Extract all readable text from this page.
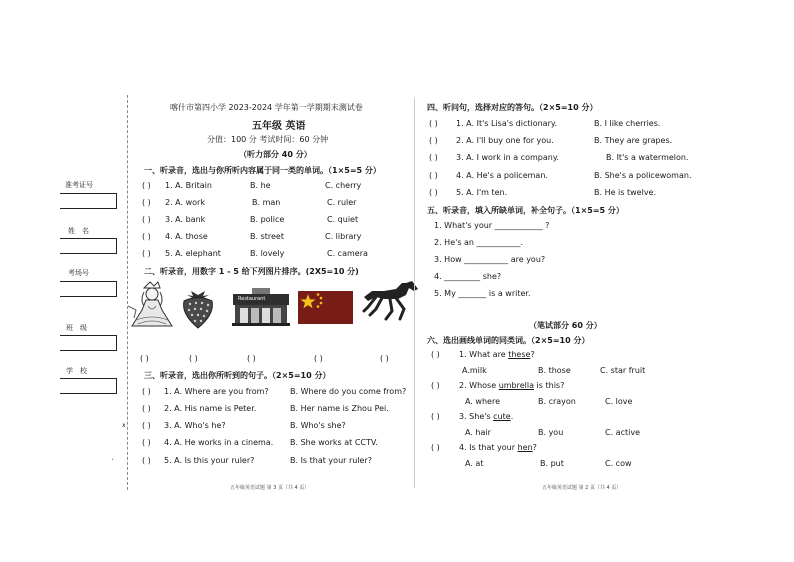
准考证号
姓　名
考场号
班　级
学　校
x
'
喀什市第四小学 2023-2024 学年第一学期期末测试卷
五年级 英语
分值：100 分 考试时间：60 分钟
（听力部分 40 分）
一、听录音，选出与你所听内容属于同一类的单词。（1×5=5 分）
( ) 1. A. Britain	B. he	C. cherry
( ) 2. A. work	B. man	C. ruler
( ) 3. A. bank	B. police	C. quiet
( ) 4. A. those	B. street	C. library
( ) 5. A. elephant	B. lovely	C. camera
二、听录音，用数字 1 - 5 给下列图片排序。(2X5=10 分)
Restaurant
( )	( )	( )	( )	( )
三、听录音，选出你所听到的句子。（2×5=10 分）
( ) 1. A. Where are you from?	B. Where do you come from?
( ) 2. A. His name is Peter.	B. Her name is Zhou Pei.
( ) 3. A. Who's he?	B. Who's she?
( ) 4. A. He works in a cinema. B. She works at CCTV.
( ) 5. A. Is this your ruler?	B. Is that your ruler?
五年级英语试题 第 3 页（共 4 页）
四、听问句，选择对应的答句。（2×5=10 分）
( ) 1. A. It's Lisa's dictionary.	B. I like cherries.
( ) 2. A. I'll buy one for you.	B. They are grapes.
( ) 3. A. I work in a company.	B. It's a watermelon.
( ) 4. A. He's a policeman.	B. She's a policewoman.
( ) 5. A. I'm ten.	B. He is twelve.
五、听录音，填入所缺单词，补全句子。（1×5=5 分）
1. What's your ____________ ?
2. He's an ___________.
3. How ___________ are you?
4. _________ she?
5. My _______ is a writer.
（笔试部分 60 分）
六、选出画线单词的同类词。（2×5=10 分）
( ) 1. What are these?
A.milk	B. those	C. star fruit
( ) 2. Whose umbrella is this?
A. where	B. crayon	C. love
( ) 3. She's cute.
A. hair	B. you	C. active
( ) 4. Is that your hen?
A. at	B. put	C. cow
五年级英语试题 第 2 页（共 4 页）
